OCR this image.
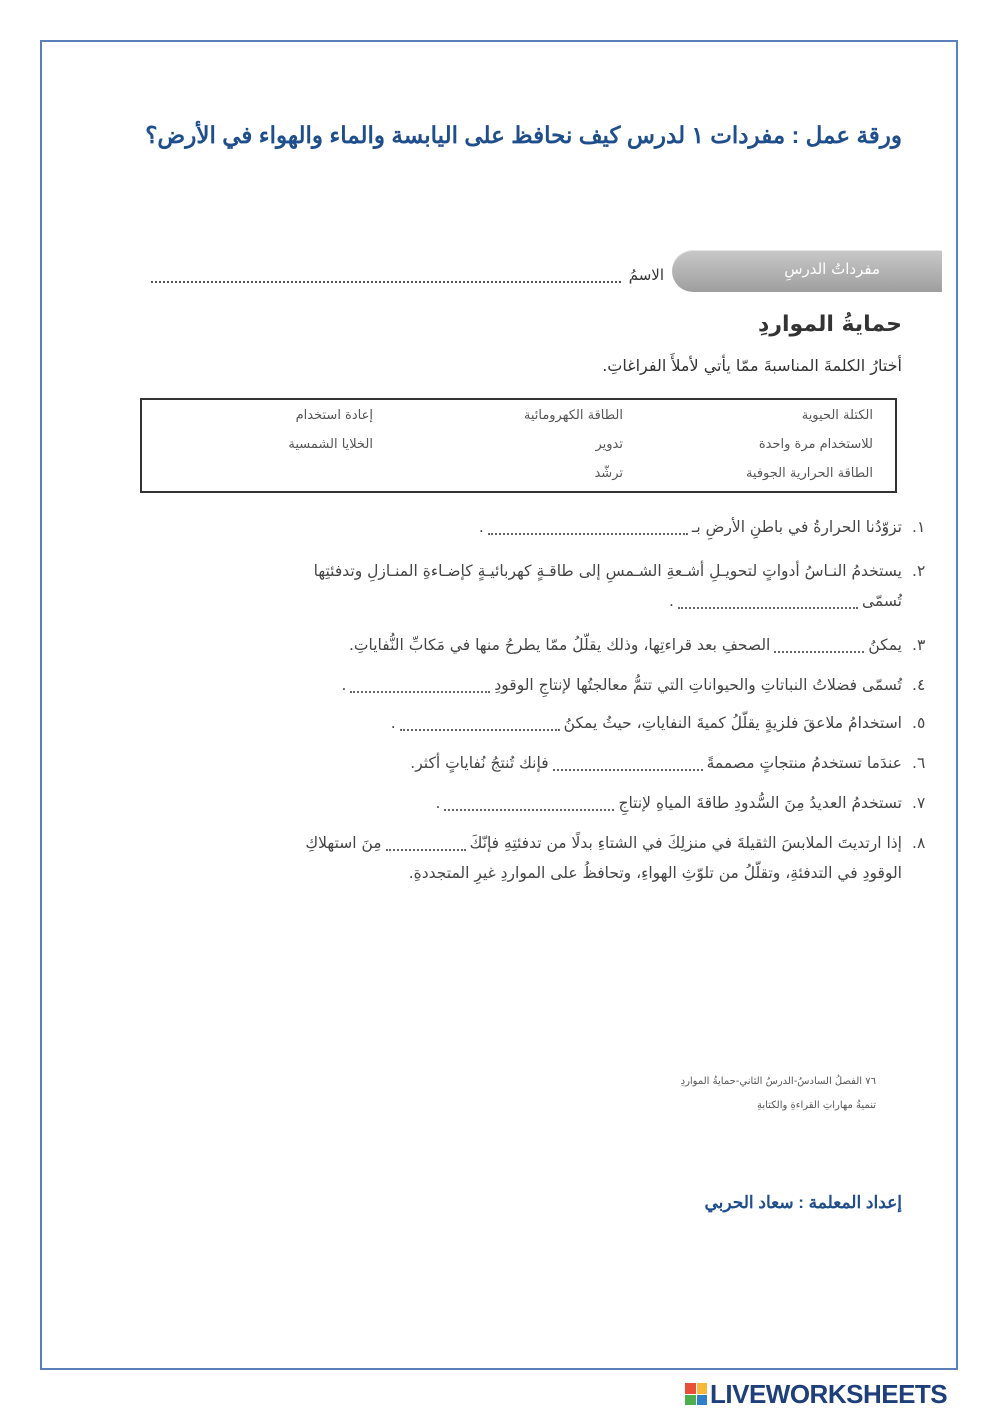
ورقة عمل : مفردات ١ لدرس كيف نحافظ على اليابسة والماء والهواء في الأرض؟
مفرداتُ الدرسِ
الاسمُ
حمايةُ المواردِ
أختارُ الكلمةَ المناسبةَ ممّا يأتي لأملأَ الفراغاتِ.
الكتلة الحيوية
الطاقة الكهرومائية
إعادة استخدام
للاستخدام مرة واحدة
تدوير
الخلايا الشمسية
الطاقة الحرارية الجوفية
ترشّد
١.
تزوّدُنا الحرارةُ في باطنِ الأرضِ بـ.
٢.
يستخدمُ النـاسُ أدواتٍ لتحويـلِ أشـعةِ الشـمسِ إلى طاقـةٍ كهربائيـةٍ كإضـاءةِ المنـازلِ وتدفئتِها
تُسمّى.
٣.
يمكنُالصحفِ بعد قراءتِها، وذلك يقلّلُ ممّا يطرحُ منها في مَكابِّ النُّفاياتِ.
٤.
تُسمّى فضلاتُ النباتاتِ والحيواناتِ التي تتمُّ معالجتُها لإنتاجِ الوقودِ.
٥.
استخدامُ ملاعقَ فلزيةٍ يقلّلُ كميةَ النفاياتِ، حيثُ يمكنُ.
٦.
عندَما تستخدمُ منتجاتٍ مصممةًفإنك تُنتجُ نُفاياتٍ أكثر.
٧.
تستخدمُ العديدُ مِنَ السُّدودِ طاقةَ المياهِ لإنتاجِ.
٨.
إذا ارتديتَ الملابسَ الثقيلةَ في منزلِكَ في الشتاءِ بدلًا من تدفئتِهِ فإنّكَمِنَ استهلاكِ
الوقودِ في التدفئةِ، وتقلّلُ من تلوّثِ الهواءِ، وتحافظُ على المواردِ غيرِ المتجددةِ.
٧٦ الفصلُ السادسُ-الدرسُ الثاني-حمايةُ المواردِ
تنميةُ مهاراتِ القراءةِ والكتابةِ
إعداد المعلمة : سعاد الحربي
LIVEWORKSHEETS
